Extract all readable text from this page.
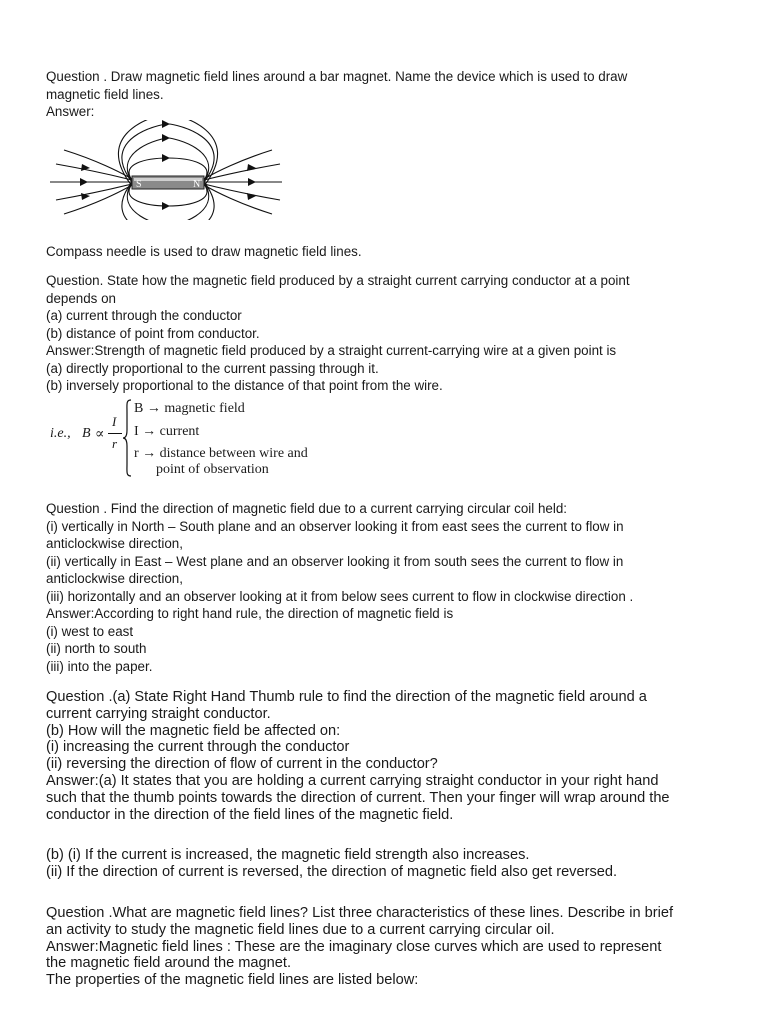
Question . Draw magnetic field lines around a bar magnet. Name the device which is used to draw
magnetic field lines.
Answer:
S	N
Compass needle is used to draw magnetic field lines.
Question. State how the magnetic field produced by a straight current carrying conductor at a point
depends on
(a) current through the conductor
(b) distance of point from conductor.
Answer:Strength of magnetic field produced by a straight current-carrying wire at a given point is
(a) directly proportional to the current passing through it.
(b) inversely proportional to the distance of that point from the wire.
i.e., B ∝
I
r
B → magnetic field
I → current
r → distance between wire and
point of observation
Question . Find the direction of magnetic field due to a current carrying circular coil held:
(i) vertically in North – South plane and an observer looking it from east sees the current to flow in
anticlockwise direction,
(ii) vertically in East – West plane and an observer looking it from south sees the current to flow in
anticlockwise direction,
(iii) horizontally and an observer looking at it from below sees current to flow in clockwise direction .
Answer:According to right hand rule, the direction of magnetic field is
(i) west to east
(ii) north to south
(iii) into the paper.
Question .(a) State Right Hand Thumb rule to find the direction of the magnetic field around a
current carrying straight conductor.
(b) How will the magnetic field be affected on:
(i) increasing the current through the conductor
(ii) reversing the direction of flow of current in the conductor?
Answer:(a) It states that you are holding a current carrying straight conductor in your right hand
such that the thumb points towards the direction of current. Then your finger will wrap around the
conductor in the direction of the field lines of the magnetic field.
(b) (i) If the current is increased, the magnetic field strength also increases.
(ii) If the direction of current is reversed, the direction of magnetic field also get reversed.
Question .What are magnetic field lines? List three characteristics of these lines. Describe in brief
an activity to study the magnetic field lines due to a current carrying circular oil.
Answer:Magnetic field lines : These are the imaginary close curves which are used to represent
the magnetic field around the magnet.
The properties of the magnetic field lines are listed below:
